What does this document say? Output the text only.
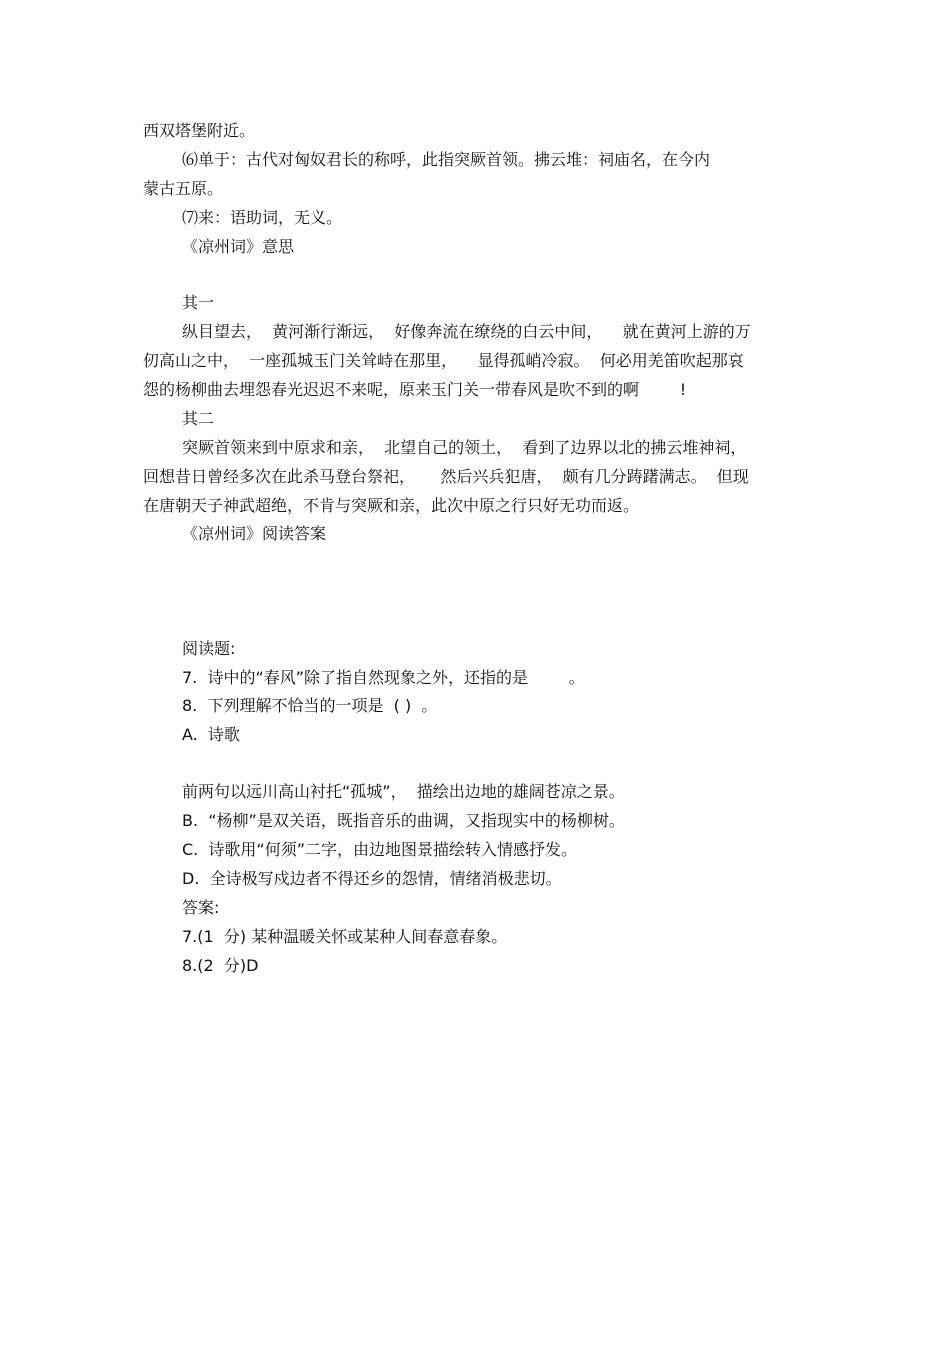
西双塔堡附近。

⑹单于：古代对匈奴君长的称呼，此指突厥首领。拂云堆：祠庙名，在今内

蒙古五原。

⑺来：语助词，无义。

《凉州词》意思

其一

纵目望去，  黄河渐行渐远，  好像奔流在缭绕的白云中间，    就在黄河上游的万

仞高山之中，  一座孤城玉门关耸峙在那里，    显得孤峭冷寂。  何必用羌笛吹起那哀

怨的杨柳曲去埋怨春光迟迟不来呢，原来玉门关一带春风是吹不到的啊        !

其二

突厥首领来到中原求和亲，  北望自己的领土，  看到了边界以北的拂云堆神祠，

回想昔日曾经多次在此杀马登台祭祀，     然后兴兵犯唐，  颇有几分踌躇满志。  但现

在唐朝天子神武超绝，不肯与突厥和亲，此次中原之行只好无功而返。

《凉州词》阅读答案

阅读题:

7.  诗中的“春风”除了指自然现象之外，还指的是        。

8.  下列理解不恰当的一项是  ( )  。

A.  诗歌

前两句以远川高山衬托“孤城”，  描绘出边地的雄阔苍凉之景。

B.  “杨柳”是双关语，既指音乐的曲调，又指现实中的杨柳树。

C.  诗歌用“何须”二字，由边地图景描绘转入情感抒发。

D.  全诗极写戍边者不得还乡的怨情，情绪消极悲切。

答案:

7.(1  分) 某种温暖关怀或某种人间春意春象。

8.(2  分)D
